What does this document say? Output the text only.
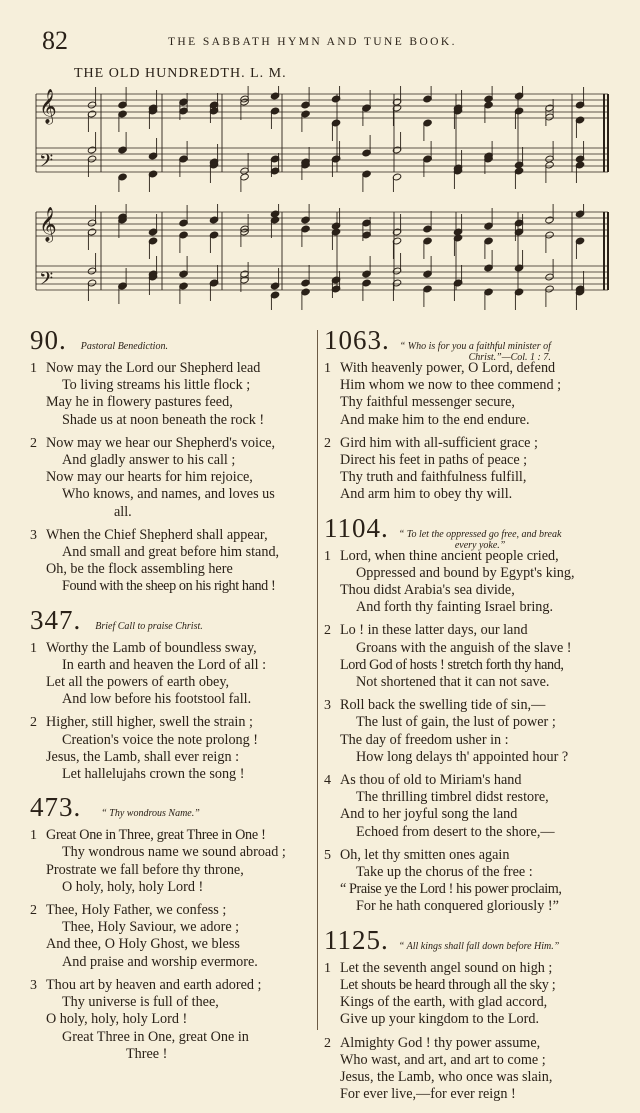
82	THE SABBATH HYMN AND TUNE BOOK.
THE OLD HUNDREDTH. L. M.
𝄞
𝄢
𝄞
𝄢
90. Pastoral Benediction.
1 Now may the Lord our Shepherd lead
To living streams his little flock ;
May he in flowery pastures feed,
Shade us at noon beneath the rock !
2 Now may we hear our Shepherd's voice,
And gladly answer to his call ;
Now may our hearts for him rejoice,
Who knows, and names, and loves us
all.
3 When the Chief Shepherd shall appear,
And small and great before him stand,
Oh, be the flock assembling here
Found with the sheep on his right hand !
347. Brief Call to praise Christ.
1 Worthy the Lamb of boundless sway,
In earth and heaven the Lord of all :
Let all the powers of earth obey,
And low before his footstool fall.
2 Higher, still higher, swell the strain ;
Creation's voice the note prolong !
Jesus, the Lamb, shall ever reign :
Let hallelujahs crown the song !
473. “ Thy wondrous Name.”
1 Great One in Three, great Three in One !
Thy wondrous name we sound abroad ;
Prostrate we fall before thy throne,
O holy, holy, holy Lord !
2 Thee, Holy Father, we confess ;
Thee, Holy Saviour, we adore ;
And thee, O Holy Ghost, we bless
And praise and worship evermore.
3 Thou art by heaven and earth adored ;
Thy universe is full of thee,
O holy, holy, holy Lord !
Great Three in One, great One in
Three !
1063. “ Who is for you a faithful minister of
Christ.”—Col. 1 : 7.
1 With heavenly power, O Lord, defend
Him whom we now to thee commend ;
Thy faithful messenger secure,
And make him to the end endure.
2 Gird him with all-sufficient grace ;
Direct his feet in paths of peace ;
Thy truth and faithfulness fulfill,
And arm him to obey thy will.
1104. “ To let the oppressed go free, and break
every yoke.”
1 Lord, when thine ancient people cried,
Oppressed and bound by Egypt's king,
Thou didst Arabia's sea divide,
And forth thy fainting Israel bring.
2 Lo ! in these latter days, our land
Groans with the anguish of the slave !
Lord God of hosts ! stretch forth thy hand,
Not shortened that it can not save.
3 Roll back the swelling tide of sin,—
The lust of gain, the lust of power ;
The day of freedom usher in :
How long delays th' appointed hour ?
4 As thou of old to Miriam's hand
The thrilling timbrel didst restore,
And to her joyful song the land
Echoed from desert to the shore,—
5 Oh, let thy smitten ones again
Take up the chorus of the free :
“ Praise ye the Lord ! his power proclaim,
For he hath conquered gloriously !”
1125. “ All kings shall fall down before Him.”
1 Let the seventh angel sound on high ;
Let shouts be heard through all the sky ;
Kings of the earth, with glad accord,
Give up your kingdom to the Lord.
2 Almighty God ! thy power assume,
Who wast, and art, and art to come ;
Jesus, the Lamb, who once was slain,
For ever live,—for ever reign !
